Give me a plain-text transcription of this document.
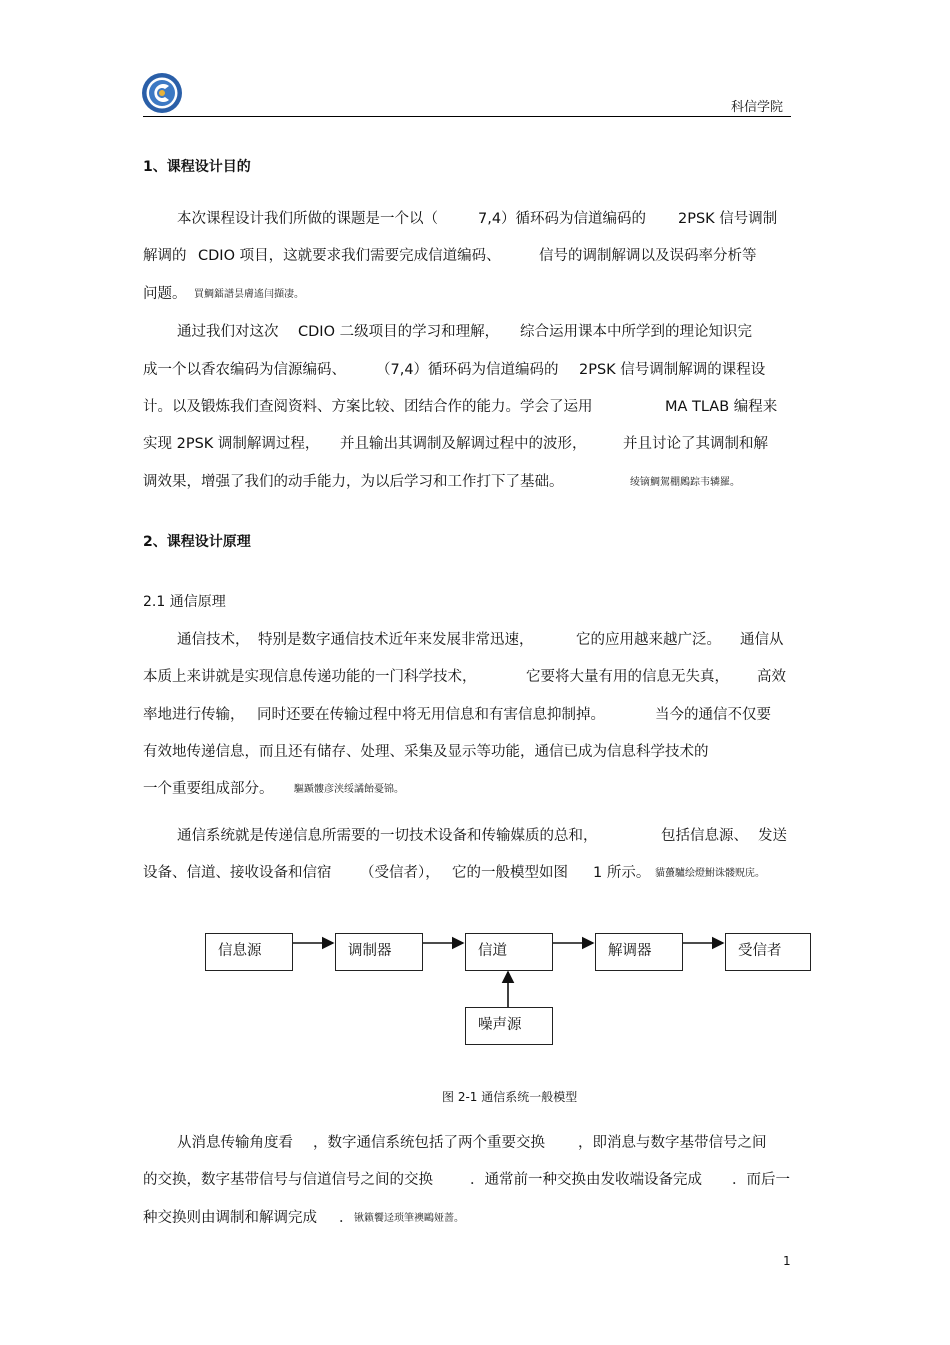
科信学院
1、课程设计目的
本次课程设计我们所做的课题是一个以（	7,4）循环码为信道编码的 2PSK 信号调制
解调的 CDIO 项目，这就要求我们需要完成信道编码、	信号的调制解调以及误码率分析等
问题。 買鯛鐳譜昙膚遙闫擷凄。
通过我们对这次 CDIO 二级项目的学习和理解， 综合运用课本中所学到的理论知识完
成一个以香农编码为信源编码、 （7,4）循环码为信道编码的 2PSK 信号调制解调的课程设
计。以及锻炼我们查阅资料、方案比较、团结合作的能力。学会了运用	MA TLAB 编程来
实现 2PSK 调制解调过程， 并且输出其调制及解调过程中的波形，	并且讨论了其调制和解
调效果，增强了我们的动手能力，为以后学习和工作打下了基础。	绫镝鯛駕棚鶊踪韦辚羅。
2、课程设计原理
2.1 通信原理
通信技术， 特别是数字通信技术近年来发展非常迅速，	它的应用越来越广泛。 通信从
本质上来讲就是实现信息传递功能的一门科学技术，	它要将大量有用的信息无失真， 高效
率地进行传输， 同时还要在传输过程中将无用信息和有害信息抑制掉。	当今的通信不仅要
有效地传递信息，而且还有储存、处理、采集及显示等功能，通信已成为信息科学技术的
一个重要组成部分。 驅踬髏彦浃绥譎飴憂锦。
通信系统就是传递信息所需要的一切技术设备和传输媒质的总和，	包括信息源、 发送
设备、信道、接收设备和信宿 （受信者）， 它的一般模型如图 1 所示。 貓蠆驢绘燈鮒诛髅贶庑。
信息源	调制器	信道	解调器	受信者
噪声源
图 2-1 通信系统一般模型
从消息传输角度看 ，数字通信系统包括了两个重要交换 ，即消息与数字基带信号之间
的交换，数字基带信号与信道信号之间的交换	．通常前一种交换由发收端设备完成 ．而后一
种交换则由调制和解调完成 ． 锹籁饗迳琐筆襖鷗娅蔷。
1
